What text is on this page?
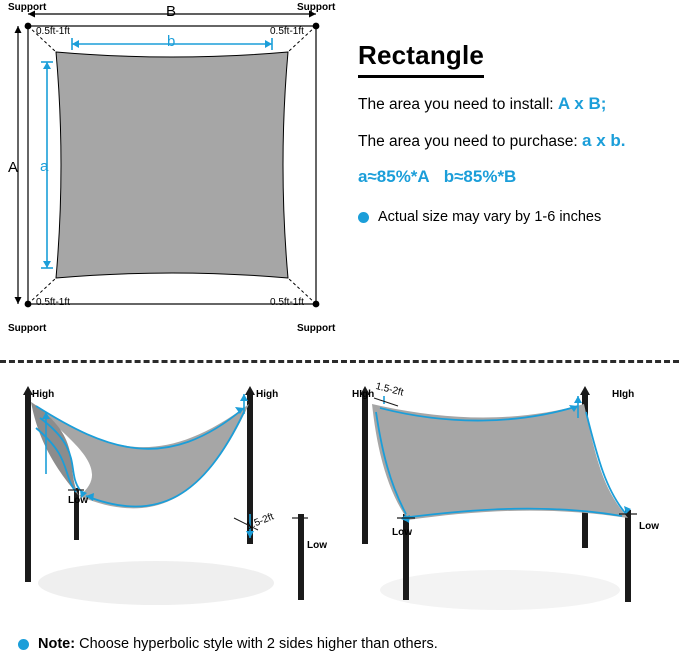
Support	Support
Support	Support
0.5ft-1ft	0.5ft-1ft
0.5ft-1ft	0.5ft-1ft
A
B
a
b	Rectangle
The area you need to install: A x B;
The area you need to purchase: a x b.
a≈85%*A b≈85%*B
Actual size may vary by 1-6 inches
High	High
Low
Low
1.5-2ft
HIgh	HIgh
Low
Low
1.5-2ft
Note: Choose hyperbolic style with 2 sides higher than others.
